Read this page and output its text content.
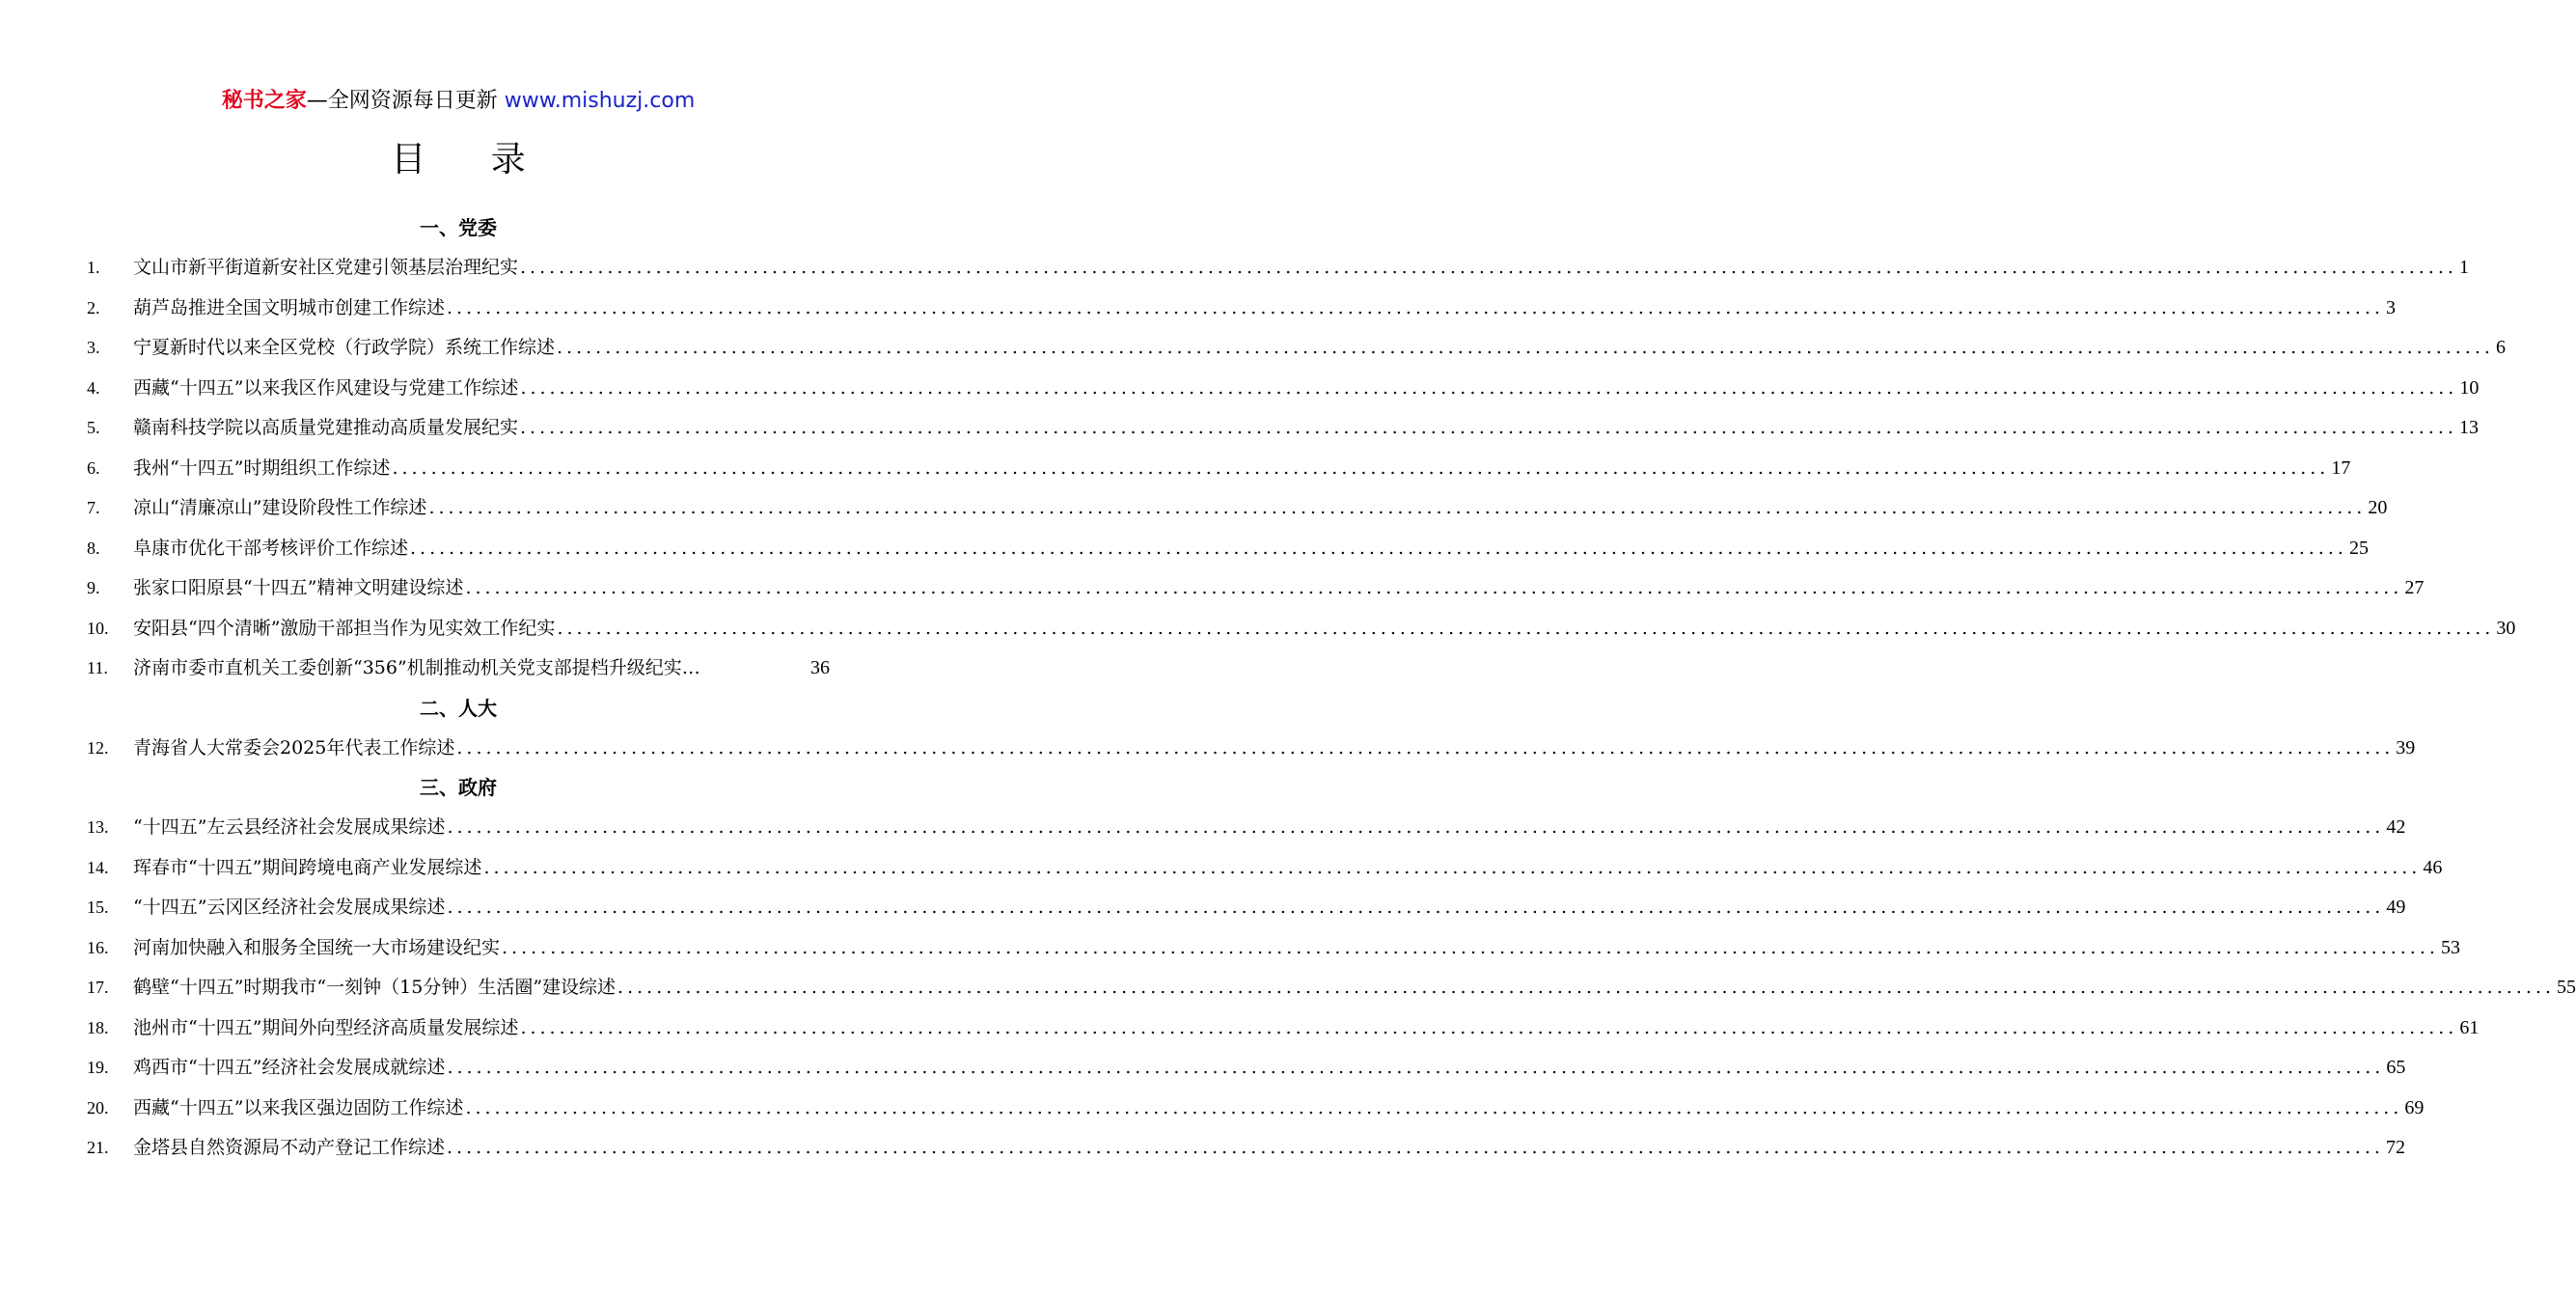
秘书之家—全网资源每日更新 www.mishuzj.com
目 录
一、党委
1.	文山市新平街道新安社区党建引领基层治理纪实 ........................................................................................................................................................................................................ 1
2.	葫芦岛推进全国文明城市创建工作综述 ........................................................................................................................................................................................................ 3
3.	宁夏新时代以来全区党校（行政学院）系统工作综述 ........................................................................................................................................................................................................ 6
4.	西藏“十四五”以来我区作风建设与党建工作综述 ........................................................................................................................................................................................................ 10
5.	赣南科技学院以高质量党建推动高质量发展纪实 ........................................................................................................................................................................................................ 13
6.	我州“十四五”时期组织工作综述 ........................................................................................................................................................................................................ 17
7.	凉山“清廉凉山”建设阶段性工作综述 ........................................................................................................................................................................................................ 20
8.	阜康市优化干部考核评价工作综述 ........................................................................................................................................................................................................ 25
9.	张家口阳原县“十四五”精神文明建设综述 ........................................................................................................................................................................................................ 27
10.	安阳县“四个清晰”激励干部担当作为见实效工作纪实 ........................................................................................................................................................................................................ 30
11.	济南市委市直机关工委创新“356”机制推动机关党支部提档升级纪实…	36
二、人大
12.	青海省人大常委会2025年代表工作综述 ........................................................................................................................................................................................................ 39
三、政府
13.	“十四五”左云县经济社会发展成果综述 ........................................................................................................................................................................................................ 42
14.	珲春市“十四五”期间跨境电商产业发展综述 ........................................................................................................................................................................................................ 46
15.	“十四五”云冈区经济社会发展成果综述 ........................................................................................................................................................................................................ 49
16.	河南加快融入和服务全国统一大市场建设纪实 ........................................................................................................................................................................................................ 53
17.	鹤壁“十四五”时期我市“一刻钟（15分钟）生活圈”建设综述 ........................................................................................................................................................................................................ 55
18.	池州市“十四五”期间外向型经济高质量发展综述 ........................................................................................................................................................................................................ 61
19.	鸡西市“十四五”经济社会发展成就综述 ........................................................................................................................................................................................................ 65
20.	西藏“十四五”以来我区强边固防工作综述 ........................................................................................................................................................................................................ 69
21.	金塔县自然资源局不动产登记工作综述 ........................................................................................................................................................................................................ 72
